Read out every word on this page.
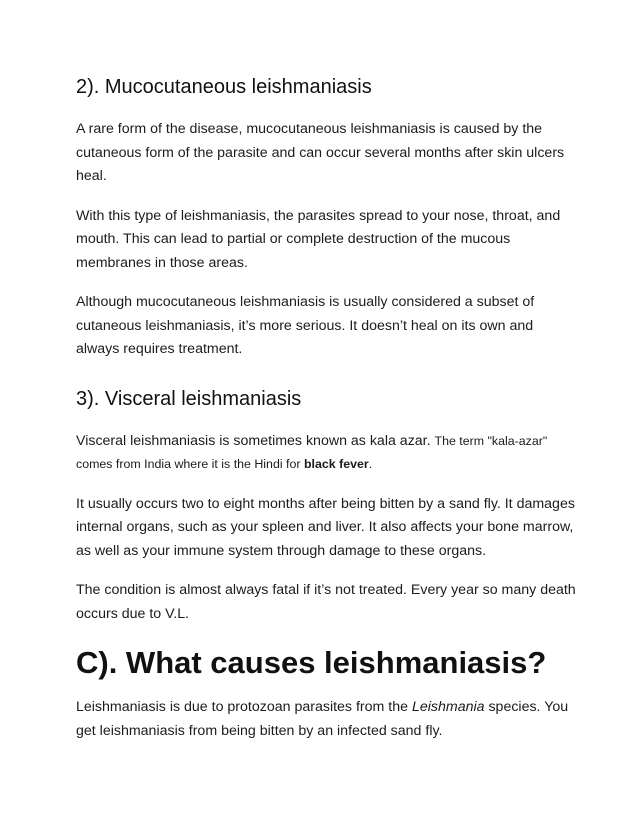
2). Mucocutaneous leishmaniasis

A rare form of the disease, mucocutaneous leishmaniasis is caused by the cutaneous form of the parasite and can occur several months after skin ulcers heal.

With this type of leishmaniasis, the parasites spread to your nose, throat, and mouth. This can lead to partial or complete destruction of the mucous membranes in those areas.

Although mucocutaneous leishmaniasis is usually considered a subset of cutaneous leishmaniasis, it’s more serious. It doesn’t heal on its own and always requires treatment.

3). Visceral leishmaniasis

Visceral leishmaniasis is sometimes known as kala azar. The term "kala-azar" comes from India where it is the Hindi for black fever.

It usually occurs two to eight months after being bitten by a sand fly. It damages internal organs, such as your spleen and liver. It also affects your bone marrow, as well as your immune system through damage to these organs.

The condition is almost always fatal if it’s not treated. Every year so many death occurs due to V.L.

C). What causes leishmaniasis?

Leishmaniasis is due to protozoan parasites from the Leishmania species. You get leishmaniasis from being bitten by an infected sand fly.
